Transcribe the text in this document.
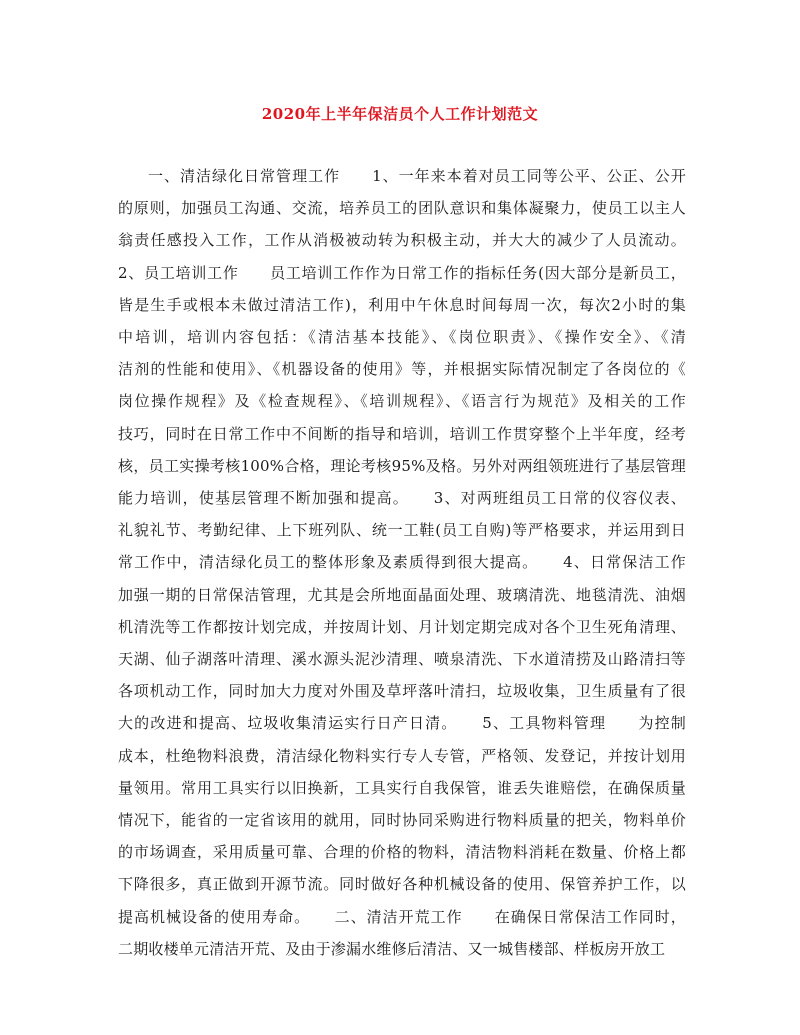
2020年上半年保洁员个人工作计划范文
一、清洁绿化日常管理工作　　1、一年来本着对员工同等公平、公正、公开
的原则，加强员工沟通、交流，培养员工的团队意识和集体凝聚力，使员工以主人
翁责任感投入工作，工作从消极被动转为积极主动，并大大的减少了人员流动。
2、员工培训工作　　员工培训工作作为日常工作的指标任务(因大部分是新员工，
皆是生手或根本未做过清洁工作)，利用中午休息时间每周一次，每次2小时的集
中培训，培训内容包括：《清洁基本技能》、《岗位职责》、《操作安全》、《清
洁剂的性能和使用》、《机器设备的使用》等，并根据实际情况制定了各岗位的《
岗位操作规程》及《检查规程》、《培训规程》、《语言行为规范》及相关的工作
技巧，同时在日常工作中不间断的指导和培训，培训工作贯穿整个上半年度，经考
核，员工实操考核100%合格，理论考核95%及格。另外对两组领班进行了基层管理
能力培训，使基层管理不断加强和提高。　　3、对两班组员工日常的仪容仪表、
礼貌礼节、考勤纪律、上下班列队、统一工鞋(员工自购)等严格要求，并运用到日
常工作中，清洁绿化员工的整体形象及素质得到很大提高。　　4、日常保洁工作
加强一期的日常保洁管理，尤其是会所地面晶面处理、玻璃清洗、地毯清洗、油烟
机清洗等工作都按计划完成，并按周计划、月计划定期完成对各个卫生死角清理、
天湖、仙子湖落叶清理、溪水源头泥沙清理、喷泉清洗、下水道清捞及山路清扫等
各项机动工作，同时加大力度对外围及草坪落叶清扫，垃圾收集，卫生质量有了很
大的改进和提高、垃圾收集清运实行日产日清。　　5、工具物料管理　　为控制
成本，杜绝物料浪费，清洁绿化物料实行专人专管，严格领、发登记，并按计划用
量领用。常用工具实行以旧换新，工具实行自我保管，谁丢失谁赔偿，在确保质量
情况下，能省的一定省该用的就用，同时协同采购进行物料质量的把关，物料单价
的市场调查，采用质量可靠、合理的价格的物料，清洁物料消耗在数量、价格上都
下降很多，真正做到开源节流。同时做好各种机械设备的使用、保管养护工作，以
提高机械设备的使用寿命。　　二、清洁开荒工作　　在确保日常保洁工作同时，
二期收楼单元清洁开荒、及由于渗漏水维修后清洁、又一城售楼部、样板房开放工
